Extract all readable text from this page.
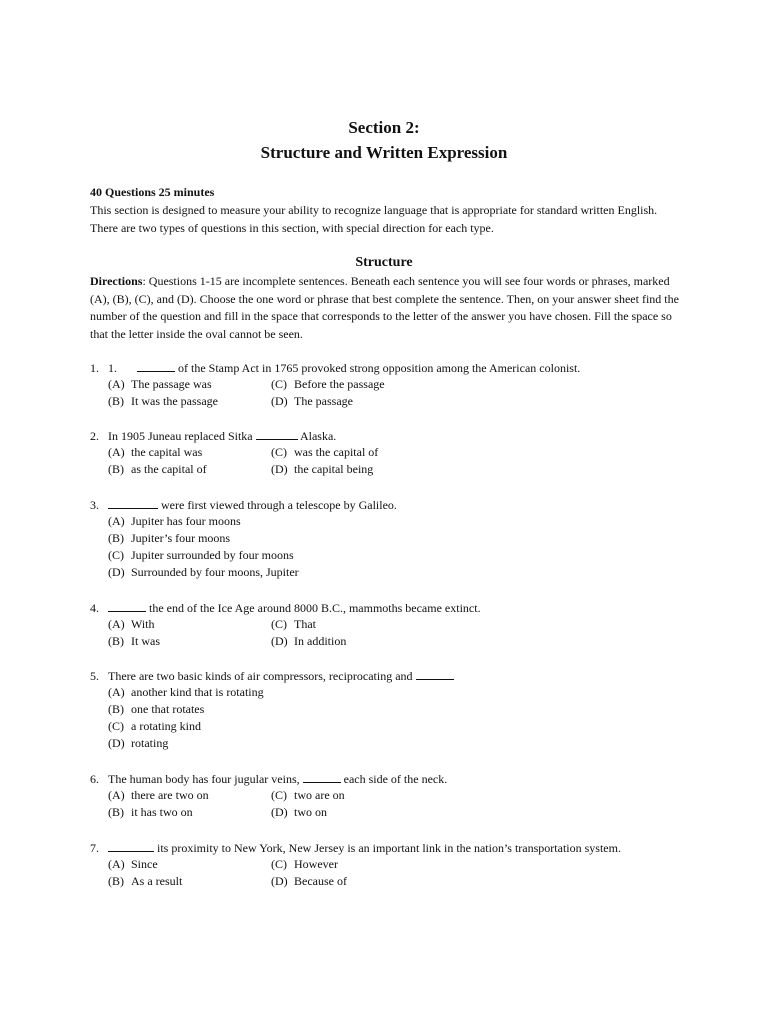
Section 2:
Structure and Written Expression
40 Questions 25 minutes
This section is designed to measure your ability to recognize language that is appropriate for standard written English. There are two types of questions in this section, with special direction for each type.
Structure
Directions: Questions 1-15 are incomplete sentences. Beneath each sentence you will see four words or phrases, marked (A), (B), (C), and (D). Choose the one word or phrase that best complete the sentence. Then, on your answer sheet find the number of the question and fill in the space that corresponds to the letter of the answer you have chosen. Fill the space so that the letter inside the oval cannot be seen.
1. 1.	of the Stamp Act in 1765 provoked strong opposition among the American colonist.
(A) The passage was	(C) Before the passage
(B) It was the passage	(D) The passage
2. In 1905 Juneau replaced Sitka	Alaska.
(A) the capital was	(C) was the capital of
(B) as the capital of	(D) the capital being
3.	were first viewed through a telescope by Galileo.
(A) Jupiter has four moons
(B) Jupiter’s four moons
(C) Jupiter surrounded by four moons
(D) Surrounded by four moons, Jupiter
4.	the end of the Ice Age around 8000 B.C., mammoths became extinct.
(A) With	(C) That
(B) It was	(D) In addition
5. There are two basic kinds of air compressors, reciprocating and
(A) another kind that is rotating
(B) one that rotates
(C) a rotating kind
(D) rotating
6. The human body has four jugular veins,	each side of the neck.
(A) there are two on	(C) two are on
(B) it has two on	(D) two on
7.	its proximity to New York, New Jersey is an important link in the nation’s transportation system.
(A) Since	(C) However
(B) As a result	(D) Because of
